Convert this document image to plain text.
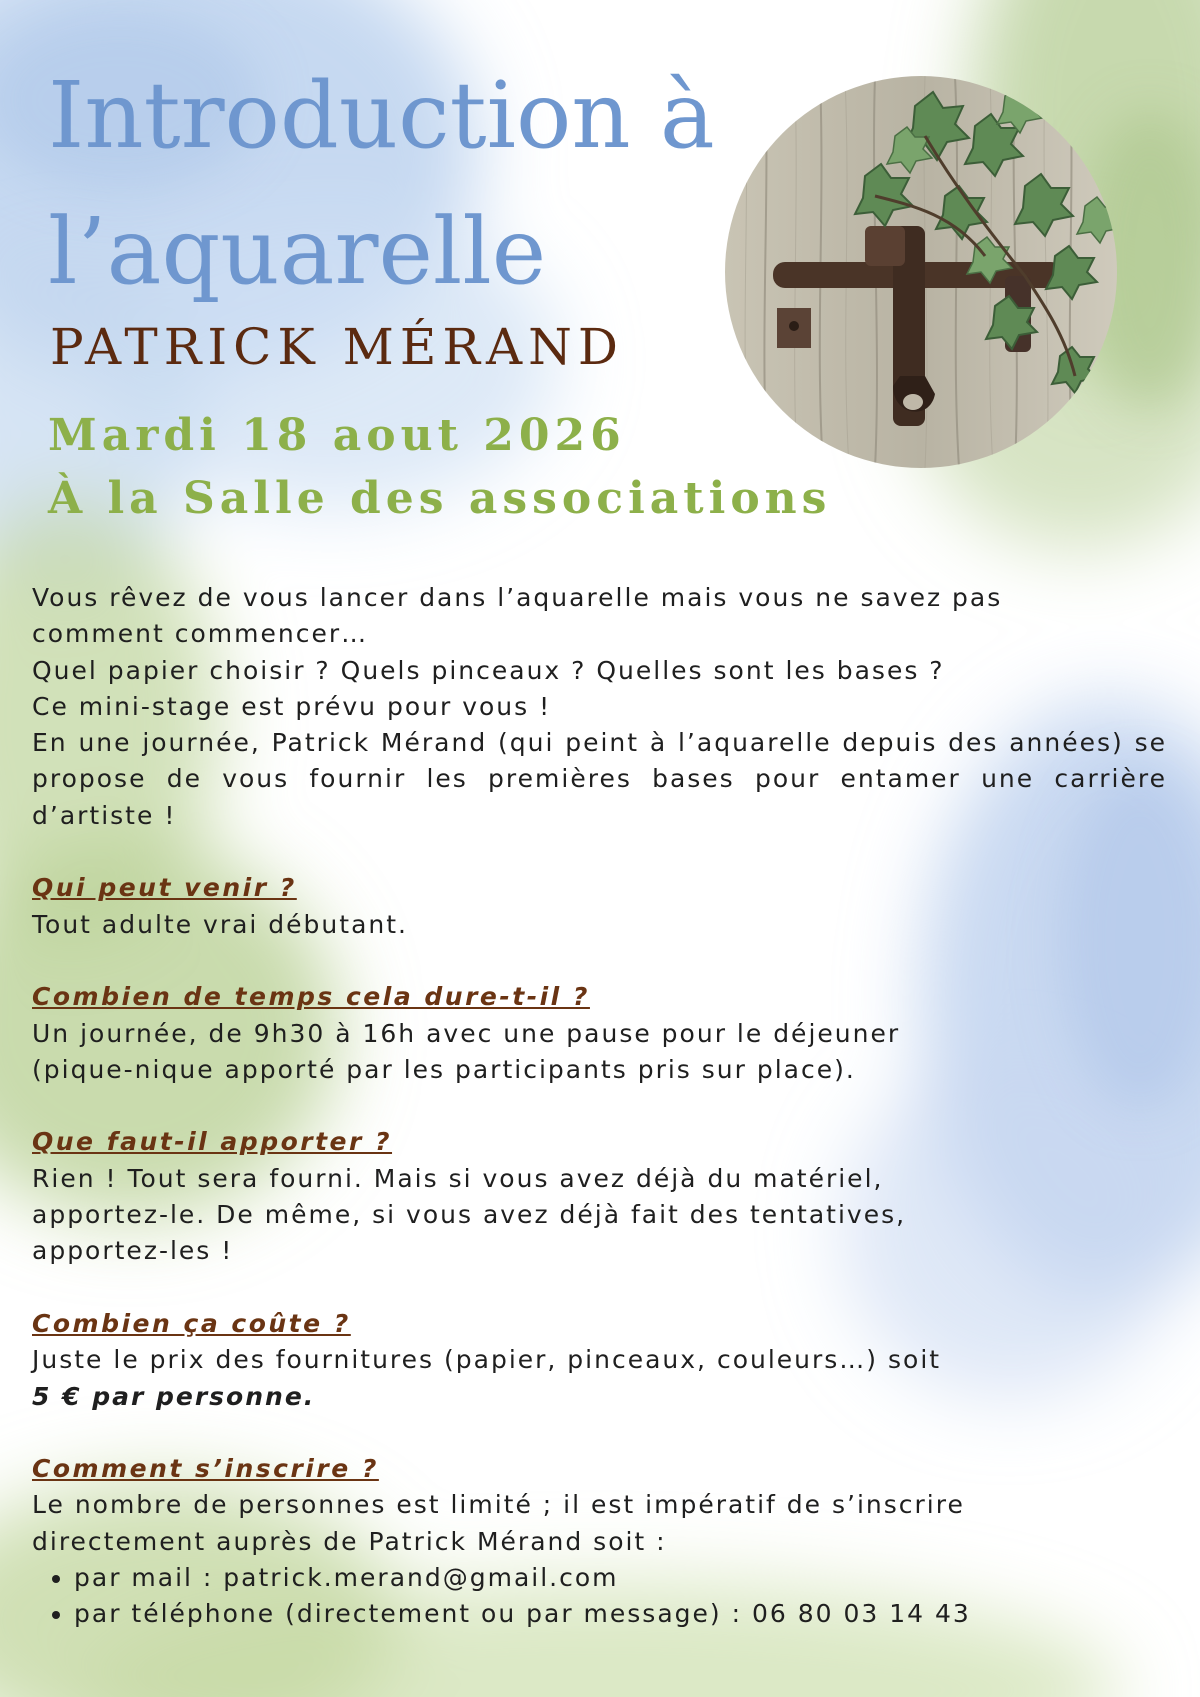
Introduction à l’aquarelle
PATRICK MÉRAND
Mardi 18 aout 2026
À la Salle des associations

Vous rêvez de vous lancer dans l’aquarelle mais vous ne savez pas comment commencer…

Quel papier choisir ? Quels pinceaux ? Quelles sont les bases ?

Ce mini-stage est prévu pour vous !

En une journée, Patrick Mérand (qui peint à l’aquarelle depuis des années) se propose de vous fournir les premières bases pour entamer une carrière d’artiste !

Qui peut venir ?

Tout adulte vrai débutant.

Combien de temps cela dure-t-il ?

Un journée, de 9h30 à 16h avec une pause pour le déjeuner (pique-nique apporté par les participants pris sur place).

Que faut-il apporter ?

Rien ! Tout sera fourni. Mais si vous avez déjà du matériel, apportez-le. De même, si vous avez déjà fait des tentatives, apportez-les !

Combien ça coûte ?

Juste le prix des fournitures (papier, pinceaux, couleurs…) soit

5 € par personne.

Comment s’inscrire ?

Le nombre de personnes est limité ; il est impératif de s’inscrire directement auprès de Patrick Mérand soit :

• par mail : patrick.merand@gmail.com
• par téléphone (directement ou par message) : 06 80 03 14 43
